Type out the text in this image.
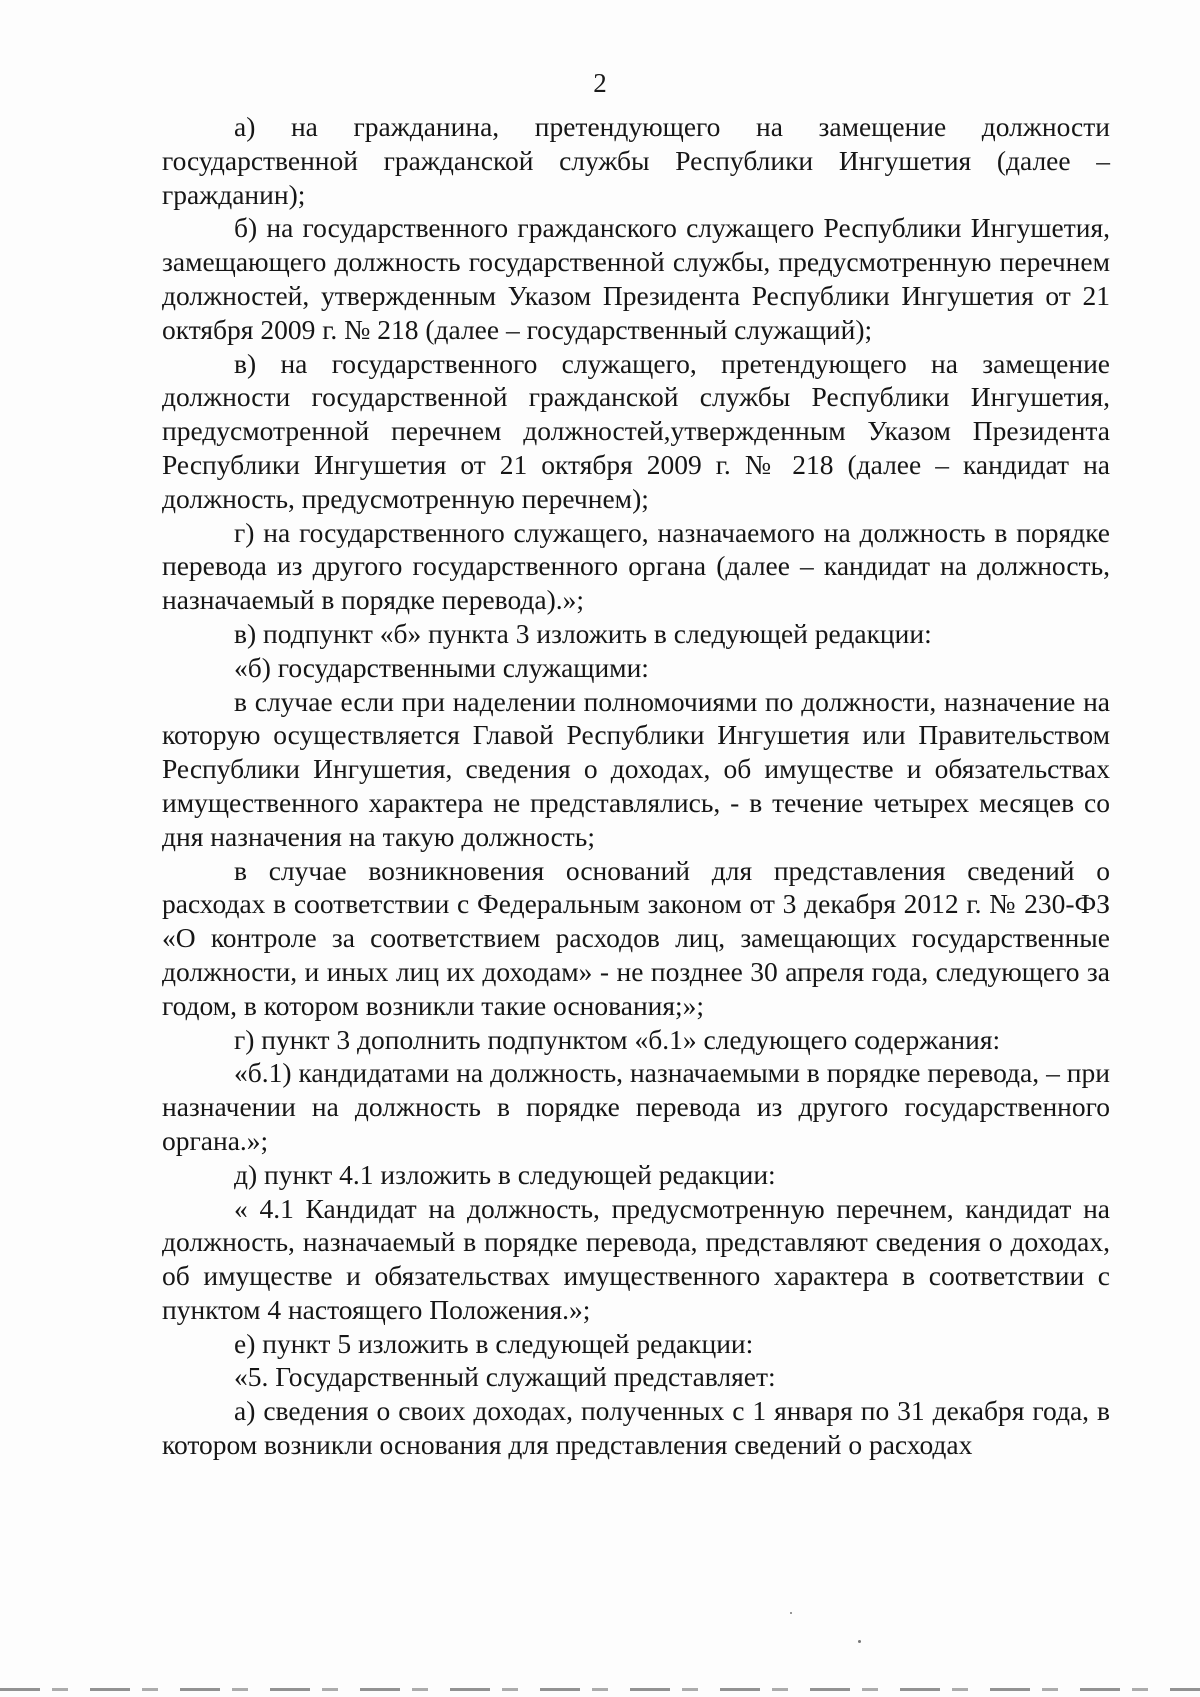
2

а) на гражданина, претендующего на замещение должности государственной гражданской службы Республики Ингушетия (далее – гражданин);

б) на государственного гражданского служащего Республики Ингушетия, замещающего должность государственной службы, предусмотренную перечнем должностей, утвержденным Указом Президента Республики Ингушетия от 21 октября 2009 г. № 218 (далее – государственный служащий);

в) на государственного служащего, претендующего на замещение должности государственной гражданской службы Республики Ингушетия, предусмотренной перечнем должностей,утвержденным Указом Президента Республики Ингушетия от 21 октября 2009 г. № 218 (далее – кандидат на должность, предусмотренную перечнем);

г) на государственного служащего, назначаемого на должность в порядке перевода из другого государственного органа (далее – кандидат на должность, назначаемый в порядке перевода).»;

в) подпункт «б» пункта 3 изложить в следующей редакции:

«б) государственными служащими:

в случае если при наделении полномочиями по должности, назначение на которую осуществляется Главой Республики Ингушетия или Правительством Республики Ингушетия, сведения о доходах, об имуществе и обязательствах имущественного характера не представлялись, - в течение четырех месяцев со дня назначения на такую должность;

в случае возникновения оснований для представления сведений о расходах в соответствии с Федеральным законом от 3 декабря 2012 г. № 230-ФЗ «О контроле за соответствием расходов лиц, замещающих государственные должности, и иных лиц их доходам» - не позднее 30 апреля года, следующего за годом, в котором возникли такие основания;»;

г) пункт 3 дополнить подпунктом «б.1» следующего содержания:

«б.1) кандидатами на должность, назначаемыми в порядке перевода, – при назначении на должность в порядке перевода из другого государственного органа.»;

д) пункт 4.1 изложить в следующей редакции:

« 4.1 Кандидат на должность, предусмотренную перечнем, кандидат на должность, назначаемый в порядке перевода, представляют сведения о доходах, об имуществе и обязательствах имущественного характера в соответствии с пунктом 4 настоящего Положения.»;

е) пункт 5 изложить в следующей редакции:

«5. Государственный служащий представляет:

а) сведения о своих доходах, полученных с 1 января по 31 декабря года, в котором возникли основания для представления сведений о расходах
